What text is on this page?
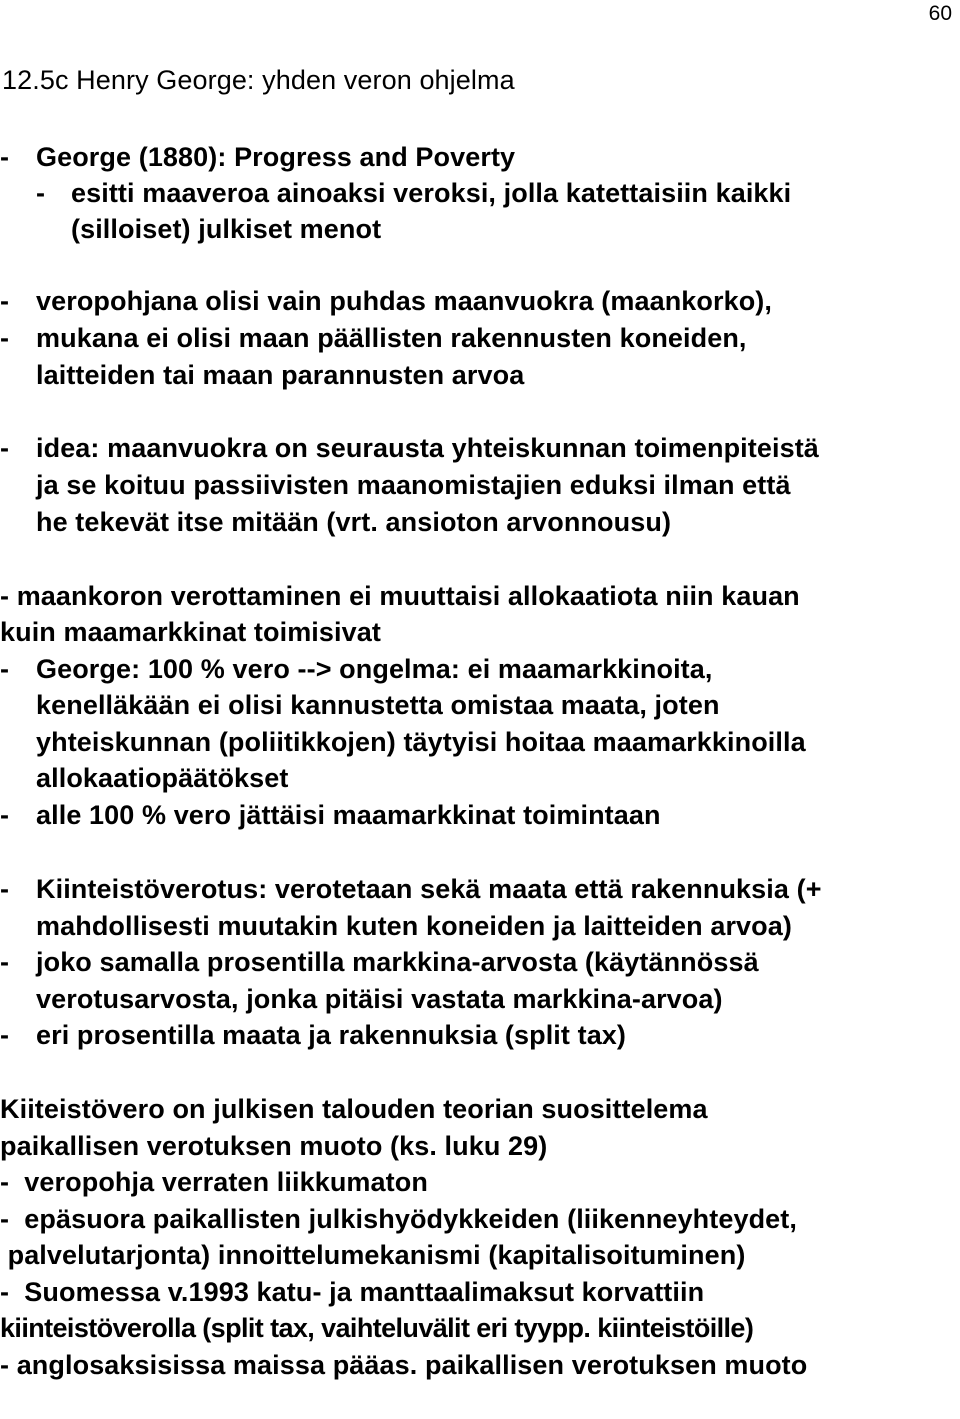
60

12.5c Henry George: yhden veron ohjelma

-

George (1880): Progress and Poverty

-

esitti maaveroa ainoaksi veroksi, jolla katettaisiin kaikki

(silloiset) julkiset menot

-

veropohjana olisi vain puhdas maanvuokra (maankorko),

-

mukana ei olisi maan päällisten rakennusten koneiden,

laitteiden tai maan parannusten arvoa

-

idea: maanvuokra on seurausta yhteiskunnan toimenpiteistä

ja se koituu passiivisten maanomistajien eduksi ilman että

he tekevät itse mitään (vrt. ansioton arvonnousu)

- maankoron verottaminen ei muuttaisi allokaatiota niin kauan

kuin maamarkkinat toimisivat

-

George: 100 % vero --> ongelma: ei maamarkkinoita,

kenelläkään ei olisi kannustetta omistaa maata, joten

yhteiskunnan (poliitikkojen) täytyisi hoitaa maamarkkinoilla

allokaatiopäätökset

-

alle 100 % vero jättäisi maamarkkinat toimintaan

-

Kiinteistöverotus: verotetaan sekä maata että rakennuksia (+

mahdollisesti muutakin kuten koneiden ja laitteiden arvoa)

-

joko samalla prosentilla markkina-arvosta (käytännössä

verotusarvosta, jonka pitäisi vastata markkina-arvoa)

-

eri prosentilla maata ja rakennuksia (split tax)

Kiiteistövero on julkisen talouden teorian suosittelema

paikallisen verotuksen muoto (ks. luku 29)

-  veropohja verraten liikkumaton

-  epäsuora paikallisten julkishyödykkeiden (liikenneyhteydet,

palvelutarjonta) innoittelumekanismi (kapitalisoituminen)

-  Suomessa v.1993 katu- ja manttaalimaksut korvattiin

kiinteistöverolla (split tax, vaihteluvälit eri tyypp. kiinteistöille)

- anglosaksisissa maissa pääas. paikallisen verotuksen muoto
